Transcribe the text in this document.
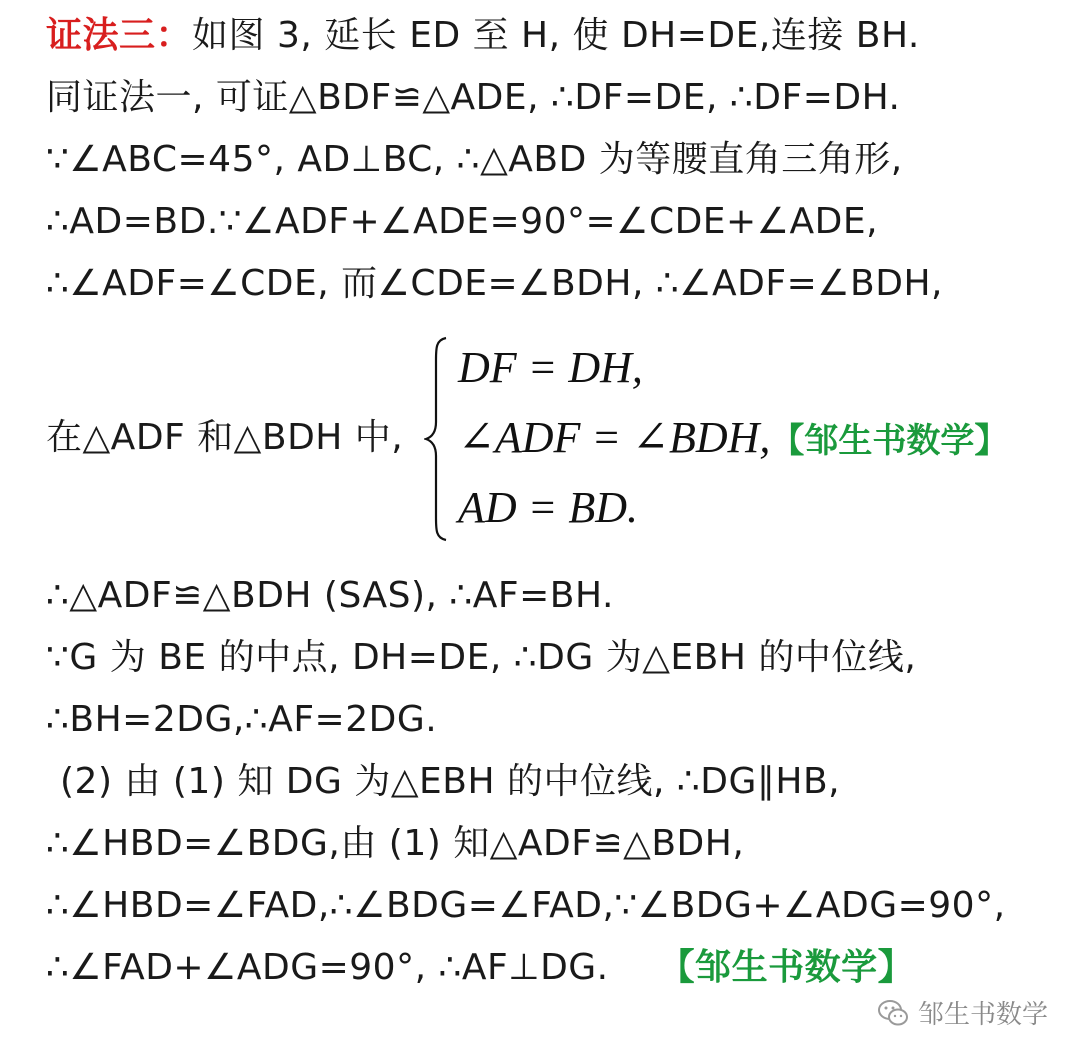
证法三：如图 3, 延长 ED 至 H, 使 DH=DE,连接 BH.
同证法一, 可证△BDF≌△ADE, ∴DF=DE, ∴DF=DH.
∵∠ABC=45°, AD⊥BC, ∴△ABD 为等腰直角三角形,
∴AD=BD.∵∠ADF+∠ADE=90°=∠CDE+∠ADE,
∴∠ADF=∠CDE, 而∠CDE=∠BDH, ∴∠ADF=∠BDH,
在△ADF 和△BDH 中,
DF = DH,
∠ADF = ∠BDH,【邹生书数学】
AD = BD.
∴△ADF≌△BDH (SAS), ∴AF=BH.
∵G 为 BE 的中点, DH=DE, ∴DG 为△EBH 的中位线,
∴BH=2DG,∴AF=2DG.
(2) 由 (1) 知 DG 为△EBH 的中位线, ∴DG∥HB,
∴∠HBD=∠BDG,由 (1) 知△ADF≌△BDH,
∴∠HBD=∠FAD,∴∠BDG=∠FAD,∵∠BDG+∠ADG=90°,
∴∠FAD+∠ADG=90°, ∴AF⊥DG. 【邹生书数学】
邹生书数学
